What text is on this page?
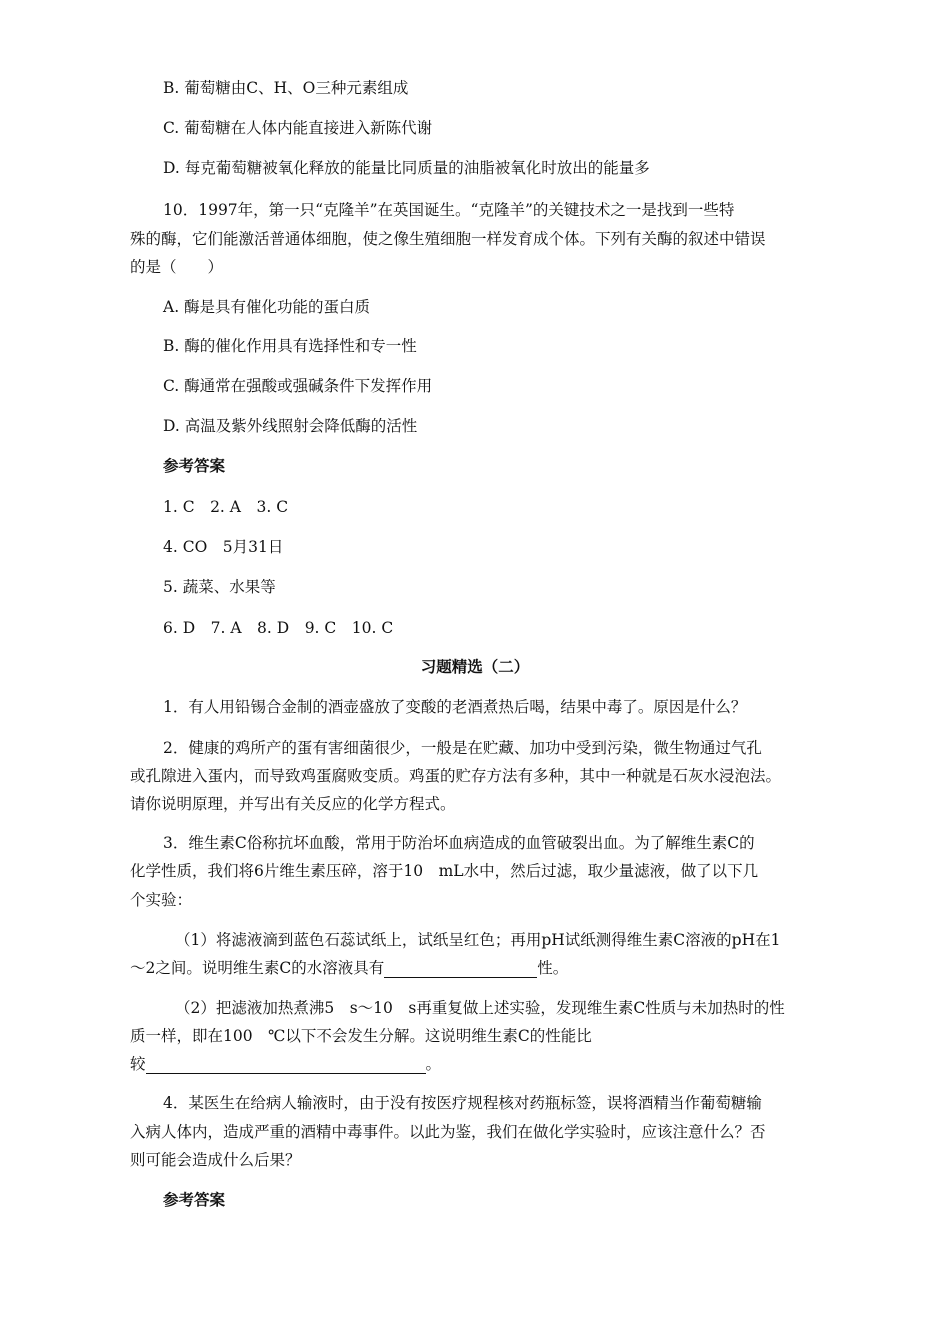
B. 葡萄糖由C、H、O三种元素组成
C. 葡萄糖在人体内能直接进入新陈代谢
D. 每克葡萄糖被氧化释放的能量比同质量的油脂被氧化时放出的能量多
10．1997年，第一只“克隆羊”在英国诞生。“克隆羊”的关键技术之一是找到一些特
殊的酶，它们能激活普通体细胞，使之像生殖细胞一样发育成个体。下列有关酶的叙述中错误
的是（　　）
A. 酶是具有催化功能的蛋白质
B. 酶的催化作用具有选择性和专一性
C. 酶通常在强酸或强碱条件下发挥作用
D. 高温及紫外线照射会降低酶的活性
参考答案
1. C　2. A　3. C
4. CO　5月31日
5. 蔬菜、水果等
6. D　7. A　8. D　9. C　10. C
习题精选（二）
1．有人用铅锡合金制的酒壶盛放了变酸的老酒煮热后喝，结果中毒了。原因是什么？
2．健康的鸡所产的蛋有害细菌很少，一般是在贮藏、加功中受到污染，微生物通过气孔
或孔隙进入蛋内，而导致鸡蛋腐败变质。鸡蛋的贮存方法有多种，其中一种就是石灰水浸泡法。
请你说明原理，并写出有关反应的化学方程式。
3．维生素C俗称抗坏血酸，常用于防治坏血病造成的血管破裂出血。为了解维生素C的
化学性质，我们将6片维生素压碎，溶于10　mL水中，然后过滤，取少量滤液，做了以下几
个实验：
（1）将滤液滴到蓝色石蕊试纸上，试纸呈红色；再用pH试纸测得维生素C溶液的pH在1
～2之间。说明维生素C的水溶液具有	性。
（2）把滤液加热煮沸5　s～10　s再重复做上述实验，发现维生素C性质与未加热时的性
质一样，即在100　℃以下不会发生分解。这说明维生素C的性能比
较	。
4．某医生在给病人输液时，由于没有按医疗规程核对药瓶标签，误将酒精当作葡萄糖输
入病人体内，造成严重的酒精中毒事件。以此为鉴，我们在做化学实验时，应该注意什么？否
则可能会造成什么后果？
参考答案
